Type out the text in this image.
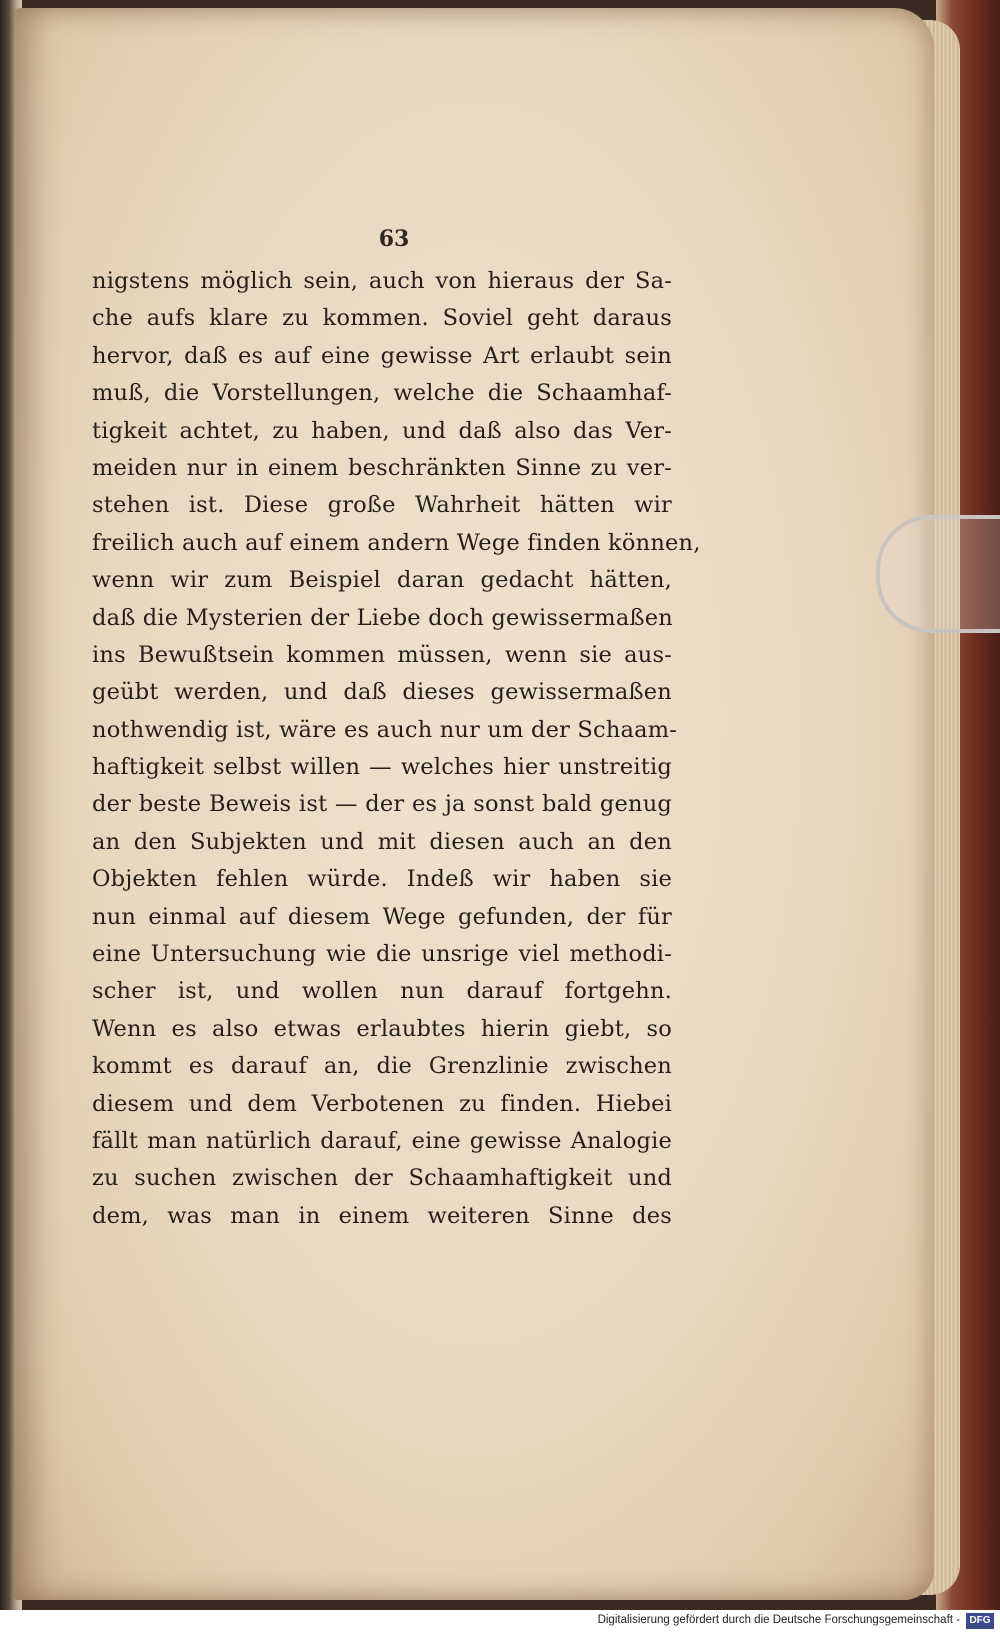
63
nigstens möglich sein, auch von hieraus der Sa-
che aufs klare zu kommen. Soviel geht daraus
hervor, daß es auf eine gewisse Art erlaubt sein
muß, die Vorstellungen, welche die Schaamhaf-
tigkeit achtet, zu haben, und daß also das Ver-
meiden nur in einem beschränkten Sinne zu ver-
stehen ist. Diese große Wahrheit hätten wir
freilich auch auf einem andern Wege finden können,
wenn wir zum Beispiel daran gedacht hätten,
daß die Mysterien der Liebe doch gewissermaßen
ins Bewußtsein kommen müssen, wenn sie aus-
geübt werden, und daß dieses gewissermaßen
nothwendig ist, wäre es auch nur um der Schaam-
haftigkeit selbst willen — welches hier unstreitig
der beste Beweis ist — der es ja sonst bald genug
an den Subjekten und mit diesen auch an den
Objekten fehlen würde. Indeß wir haben sie
nun einmal auf diesem Wege gefunden, der für
eine Untersuchung wie die unsrige viel methodi-
scher ist, und wollen nun darauf fortgehn.
Wenn es also etwas erlaubtes hierin giebt, so
kommt es darauf an, die Grenzlinie zwischen
diesem und dem Verbotenen zu finden. Hiebei
fällt man natürlich darauf, eine gewisse Analogie
zu suchen zwischen der Schaamhaftigkeit und
dem, was man in einem weiteren Sinne des
Digitalisierung gefördert durch die Deutsche Forschungsgemeinschaft - DFG
